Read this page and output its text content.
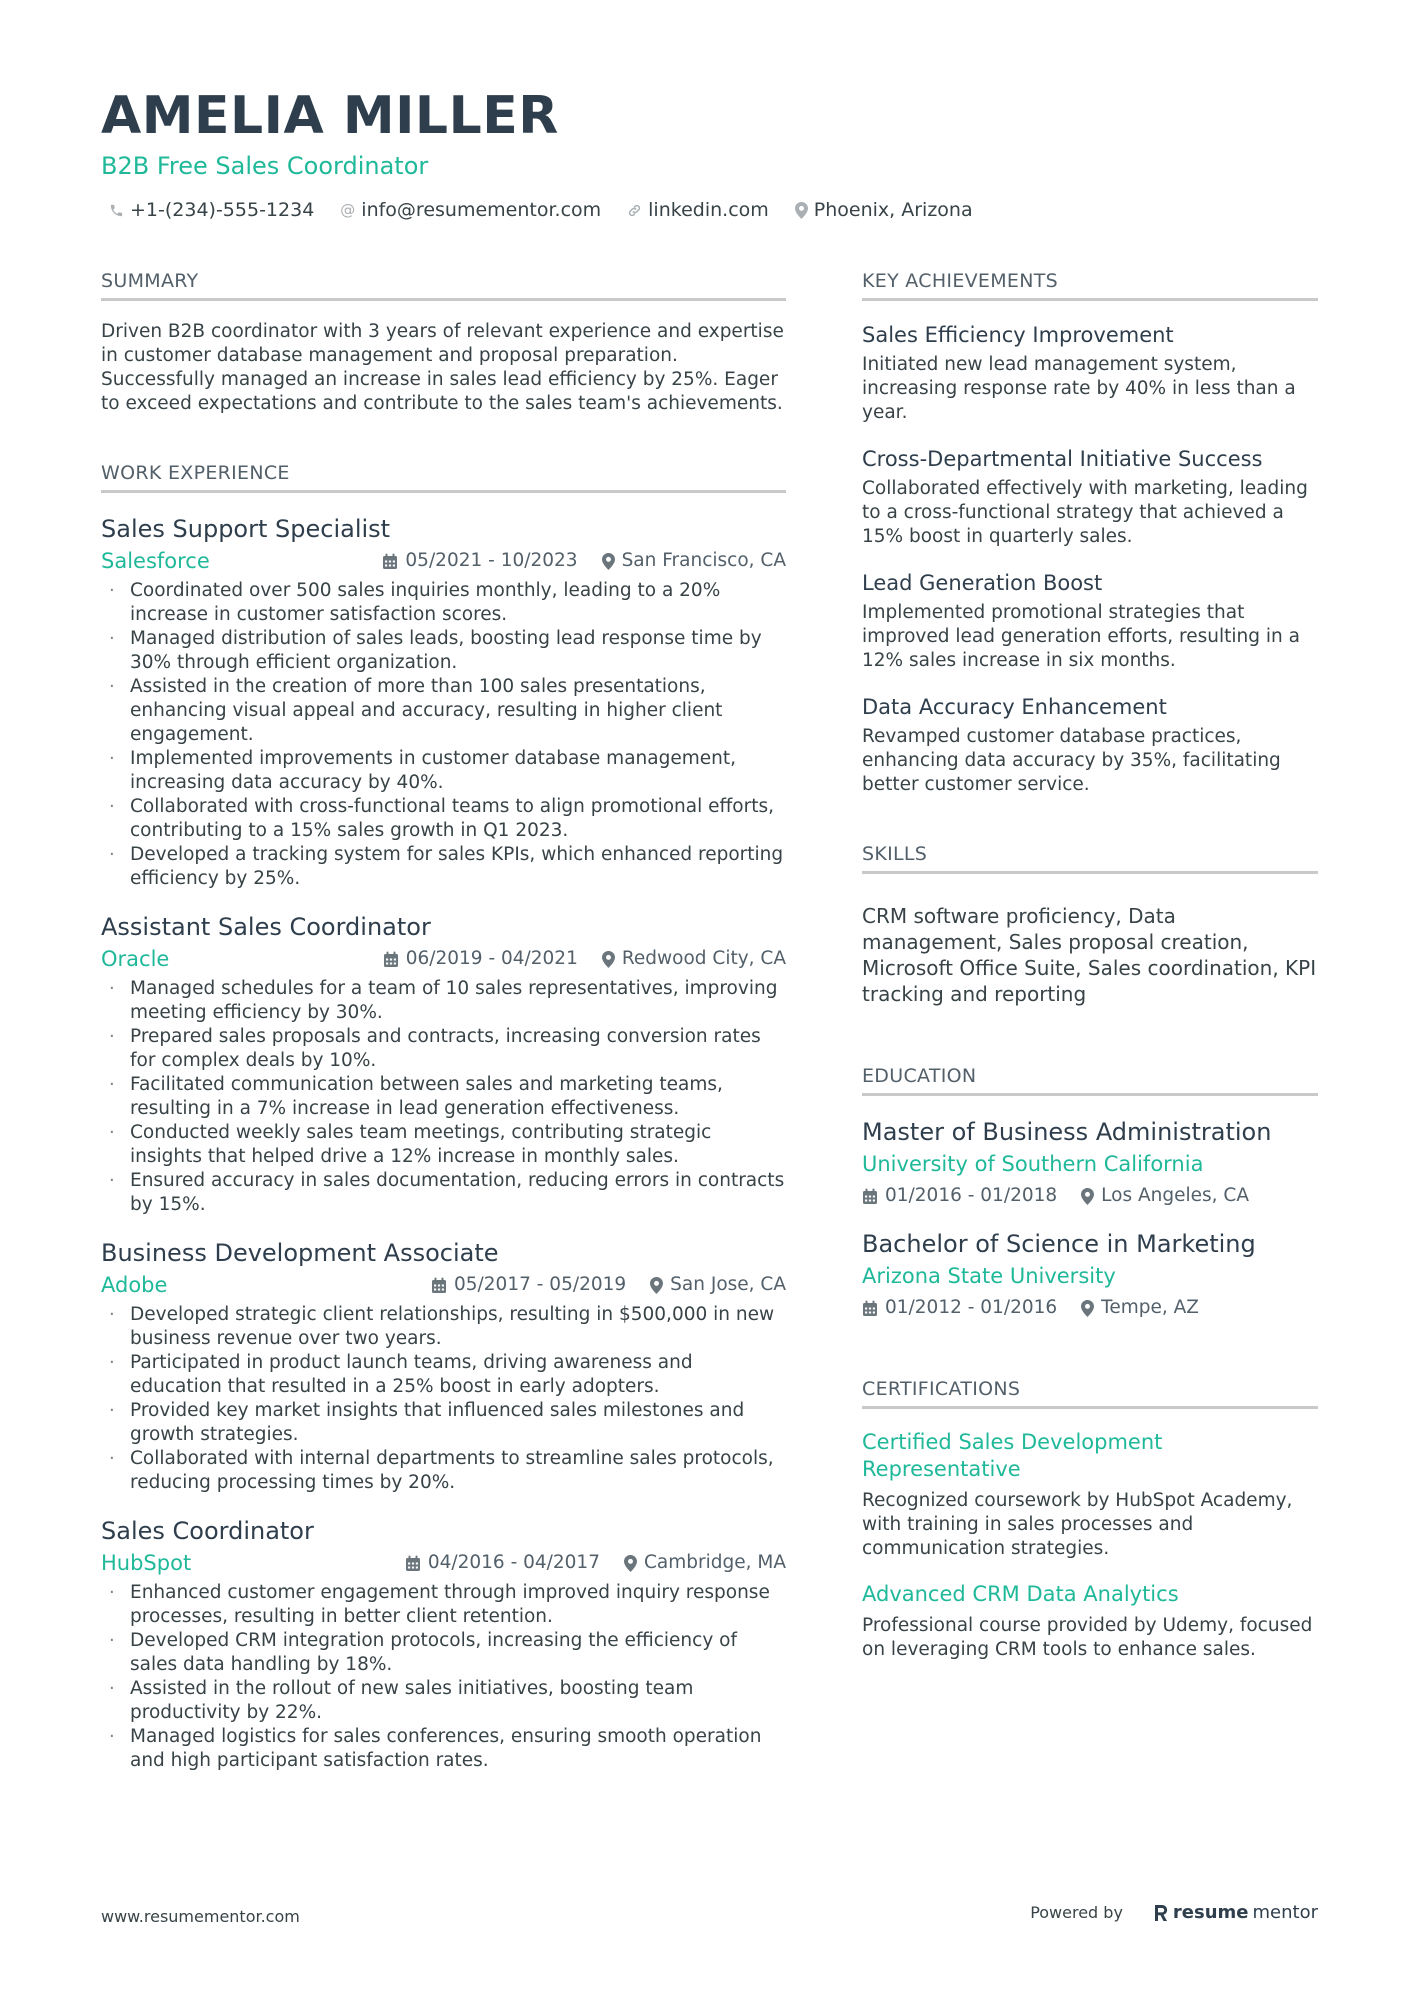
AMELIA MILLER
B2B Free Sales Coordinator
+1-(234)-555-1234 @ info@resumementor.com linkedin.com Phoenix, Arizona
SUMMARY
Driven B2B coordinator with 3 years of relevant experience and expertise in customer database management and proposal preparation. Successfully managed an increase in sales lead efficiency by 25%. Eager to exceed expectations and contribute to the sales team's achievements.
WORK EXPERIENCE
Sales Support Specialist
Salesforce	05/2021 - 10/2023 San Francisco, CA
· Coordinated over 500 sales inquiries monthly, leading to a 20% increase in customer satisfaction scores.
· Managed distribution of sales leads, boosting lead response time by 30% through efficient organization.
· Assisted in the creation of more than 100 sales presentations, enhancing visual appeal and accuracy, resulting in higher client engagement.
· Implemented improvements in customer database management, increasing data accuracy by 40%.
· Collaborated with cross-functional teams to align promotional efforts, contributing to a 15% sales growth in Q1 2023.
· Developed a tracking system for sales KPIs, which enhanced reporting efficiency by 25%.
Assistant Sales Coordinator
Oracle	06/2019 - 04/2021 Redwood City, CA
· Managed schedules for a team of 10 sales representatives, improving meeting efficiency by 30%.
· Prepared sales proposals and contracts, increasing conversion rates for complex deals by 10%.
· Facilitated communication between sales and marketing teams, resulting in a 7% increase in lead generation effectiveness.
· Conducted weekly sales team meetings, contributing strategic insights that helped drive a 12% increase in monthly sales.
· Ensured accuracy in sales documentation, reducing errors in contracts by 15%.
Business Development Associate
Adobe	05/2017 - 05/2019 San Jose, CA
· Developed strategic client relationships, resulting in $500,000 in new business revenue over two years.
· Participated in product launch teams, driving awareness and education that resulted in a 25% boost in early adopters.
· Provided key market insights that influenced sales milestones and growth strategies.
· Collaborated with internal departments to streamline sales protocols, reducing processing times by 20%.
Sales Coordinator
HubSpot	04/2016 - 04/2017 Cambridge, MA
· Enhanced customer engagement through improved inquiry response processes, resulting in better client retention.
· Developed CRM integration protocols, increasing the efficiency of sales data handling by 18%.
· Assisted in the rollout of new sales initiatives, boosting team productivity by 22%.
· Managed logistics for sales conferences, ensuring smooth operation and high participant satisfaction rates.
KEY ACHIEVEMENTS
Sales Efficiency Improvement
Initiated new lead management system, increasing response rate by 40% in less than a year.
Cross-Departmental Initiative Success
Collaborated effectively with marketing, leading to a cross-functional strategy that achieved a 15% boost in quarterly sales.
Lead Generation Boost
Implemented promotional strategies that improved lead generation efforts, resulting in a 12% sales increase in six months.
Data Accuracy Enhancement
Revamped customer database practices, enhancing data accuracy by 35%, facilitating better customer service.
SKILLS
CRM software proficiency, Data management, Sales proposal creation, Microsoft Office Suite, Sales coordination, KPI tracking and reporting
EDUCATION
Master of Business Administration
University of Southern California
01/2016 - 01/2018 Los Angeles, CA
Bachelor of Science in Marketing
Arizona State University
01/2012 - 01/2016 Tempe, AZ
CERTIFICATIONS
Certified Sales Development Representative
Recognized coursework by HubSpot Academy, with training in sales processes and communication strategies.
Advanced CRM Data Analytics
Professional course provided by Udemy, focused on leveraging CRM tools to enhance sales.
www.resumementor.com	Powered by	resume mentor
